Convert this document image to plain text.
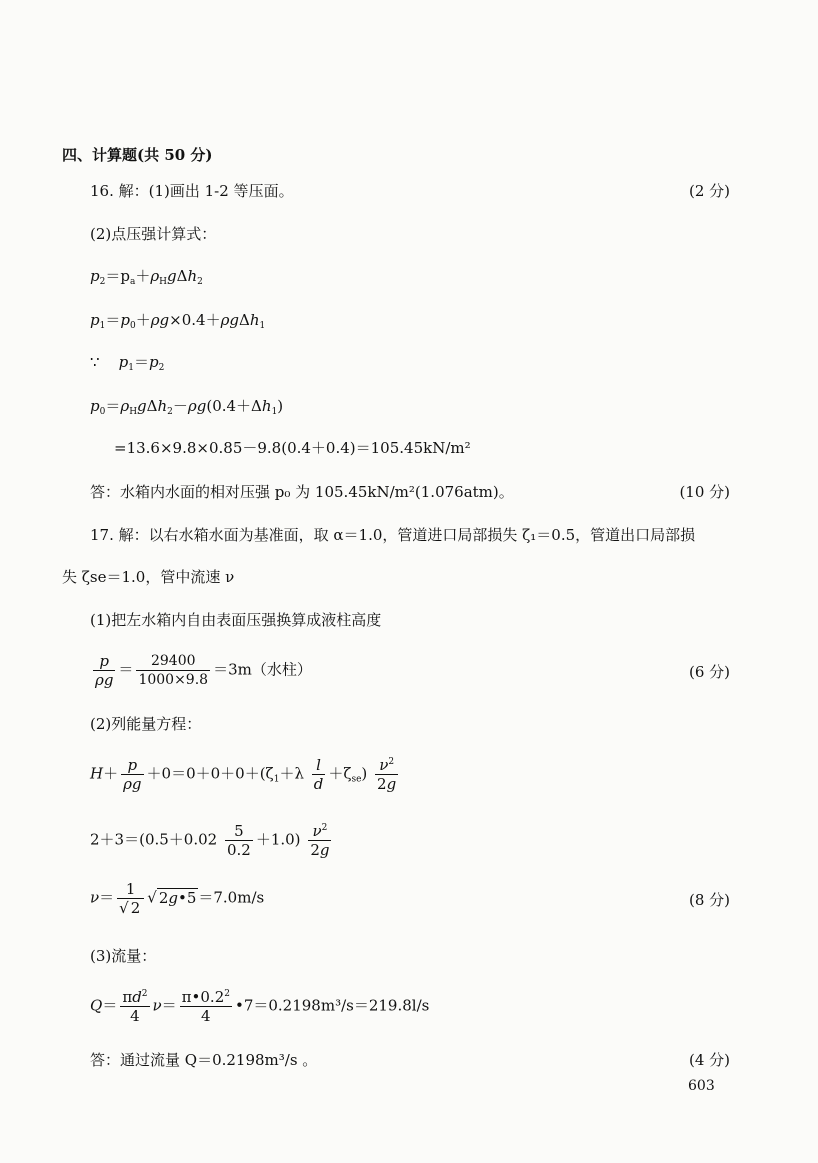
四、计算题(共 50 分)
16. 解：(1)画出 1-2 等压面。	(2 分)
(2)点压强计算式：
$p_2=p_a+\rho_Hg\Delta h_2$
$p_1=p_0+\rho g\times 0.4+\rho g\Delta h_1$
∵    $p_1=p_2$
$p_0=\rho_Hg\Delta h_2-\rho g(0.4+\Delta h_1)$
=13.6×9.8×0.85－9.8(0.4＋0.4)＝105.45kN/m²
答：水箱内水面的相对压强 p₀ 为 105.45kN/m²(1.076atm)。	(10 分)
17. 解：以右水箱水面为基准面，取 α＝1.0，管道进口局部损失 ζ₁＝0.5，管道出口局部损
失 ζse＝1.0，管中流速 ν
(1)把左水箱内自由表面压强换算成液柱高度
$\frac{p}{\rho g} = \frac{29400}{1000\times 9.8} =3m$（水柱）	(6 分)
(2)列能量方程：
$H+ \frac{p}{\rho g} +0=0+0+0+(\zeta_1+\lambda \frac{l}{d} +\zeta_{se}) \frac{\nu^2}{2g}$
$2+3=(0.5+0.02 \frac{5}{0.2} +1.0) \frac{\nu^2}{2g}$
$\nu= \frac{1}{√ 2}$ √ 2g•5 ＝7.0m/s	(8 分)
(3)流量：
$Q= \frac{\pi d^2}{4} \nu= \frac{\pi•0.2^2}{4}$ •7＝0.2198m³/s＝219.8l/s
答：通过流量 Q＝0.2198m³/s 。	(4 分)
603
